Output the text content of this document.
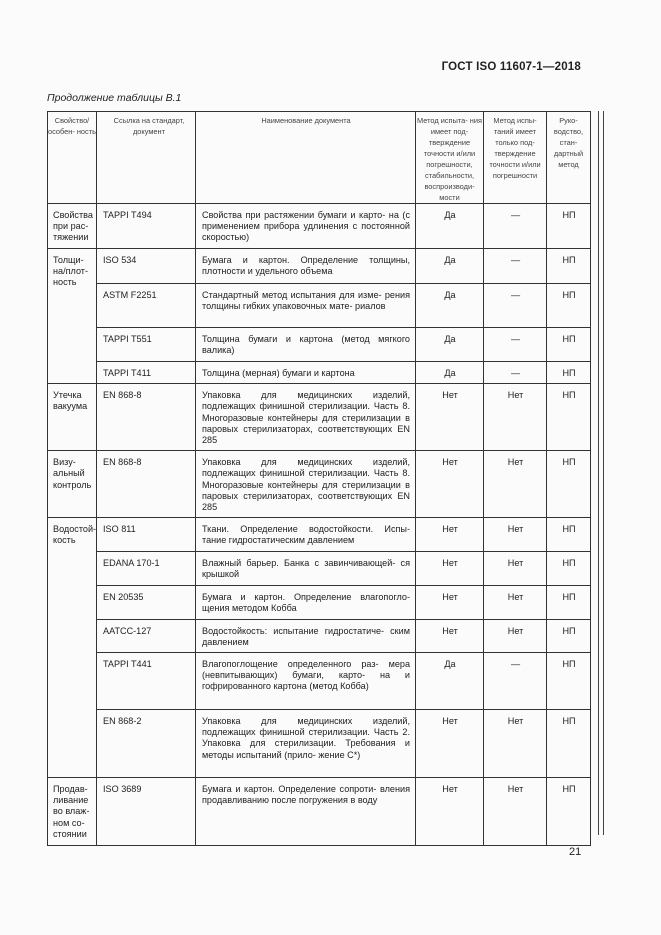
ГОСТ ISO 11607-1—2018
Продолжение таблицы В.1
Свойство/ особен- ность	Ссылка на стандарт, документ	Наименование документа	Метод испыта- ния имеет под- тверждение точности и/или погрешности, стабильности, воспроизводи- мости	Метод испы- таний имеет только под- тверждение точности и/или погрешности	Руко- водство, стан- дартный метод
Свойства при рас- тяжении	TAPPI T494	Свойства при растяжении бумаги и карто- на (с применением прибора удлинения с постоянной скоростью)	Да	—	НП
Толщи- на/плот- ность	ISO 534	Бумага и картон. Определение толщины, плотности и удельного объема	Да	—	НП
	ASTM F2251	Стандартный метод испытания для изме- рения толщины гибких упаковочных мате- риалов	Да	—	НП
	TAPPI T551	Толщина бумаги и картона (метод мягкого валика)	Да	—	НП
	TAPPI T411	Толщина (мерная) бумаги и картона	Да	—	НП
Утечка вакуума	EN 868-8	Упаковка для медицинских изделий, подлежащих финишной стерилизации. Часть 8. Многоразовые контейнеры для стерилизации в паровых стерилизаторах, соответствующих EN 285	Нет	Нет	НП
Визу- альный контроль	EN 868-8	Упаковка для медицинских изделий, подлежащих финишной стерилизации. Часть 8. Многоразовые контейнеры для стерилизации в паровых стерилизаторах, соответствующих EN 285	Нет	Нет	НП
Водостой- кость	ISO 811	Ткани. Определение водостойкости. Испы- тание гидростатическим давлением	Нет	Нет	НП
	EDANA 170-1	Влажный барьер. Банка с завинчивающей- ся крышкой	Нет	Нет	НП
	EN 20535	Бумага и картон. Определение влагопогло- щения методом Кобба	Нет	Нет	НП
	AATCC-127	Водостойкость: испытание гидростатиче- ским давлением	Нет	Нет	НП
	TAPPI T441	Влагопоглощение определенного раз- мера (невпитывающих) бумаги, карто- на и гофрированного картона (метод Кобба)	Да	—	НП
	EN 868-2	Упаковка для медицинских изделий, подлежащих финишной стерилизации. Часть 2. Упаковка для стерилизации. Требования и методы испытаний (прило- жение С*)	Нет	Нет	НП
Продав- ливание во влаж- ном со- стоянии	ISO 3689	Бумага и картон. Определение сопроти- вления продавливанию после погружения в воду	Нет	Нет	НП
21
